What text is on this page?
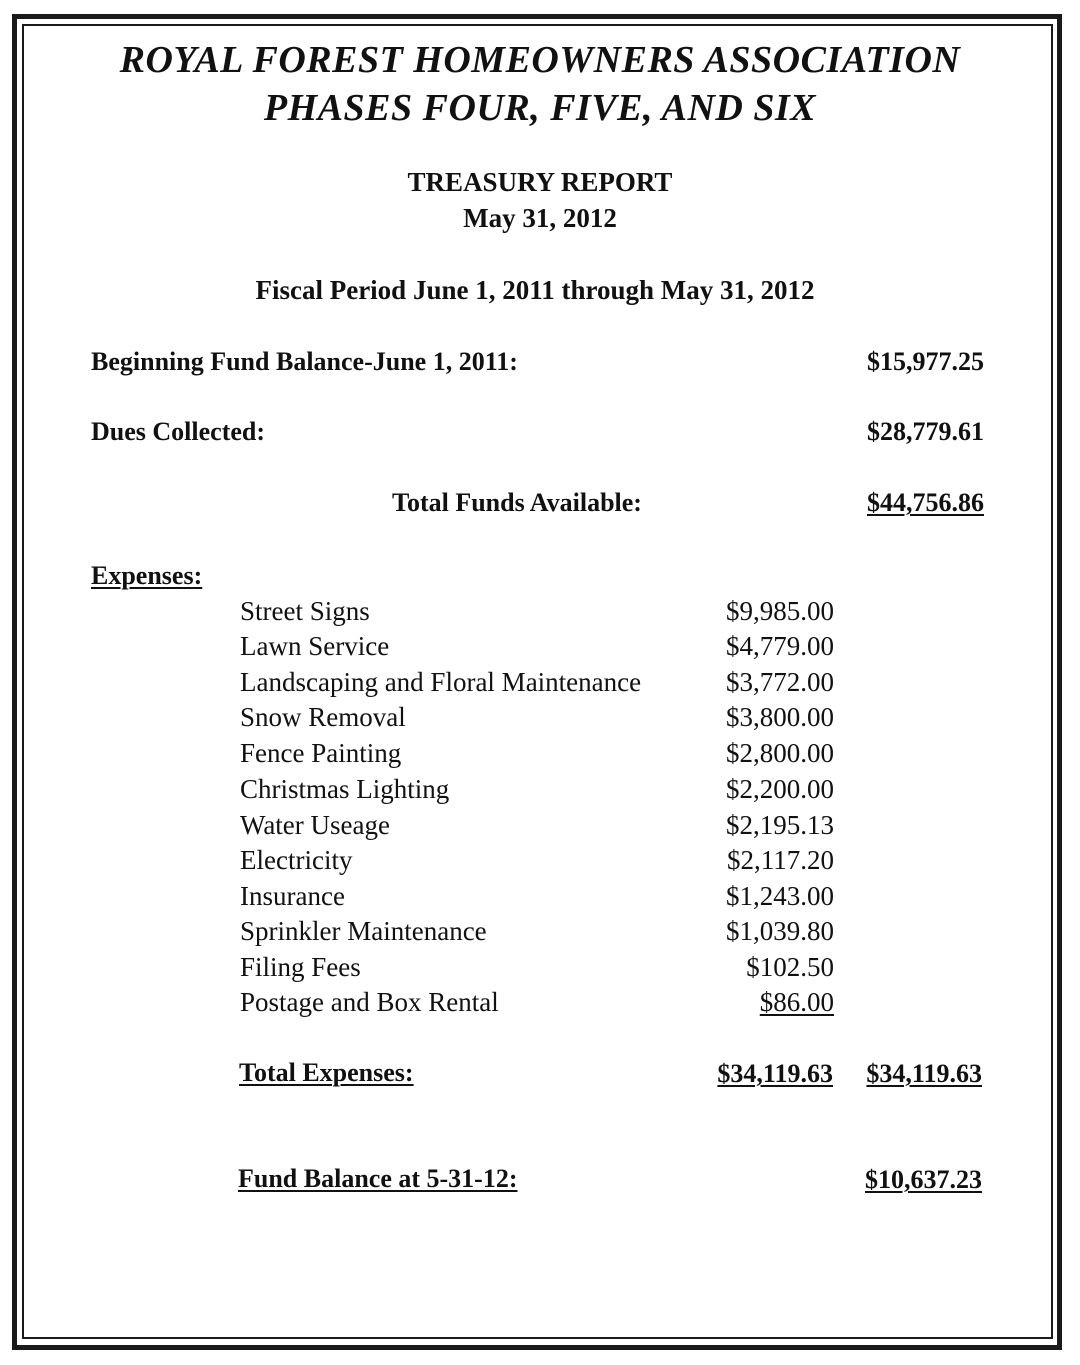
ROYAL FOREST HOMEOWNERS ASSOCIATION
PHASES FOUR, FIVE, AND SIX
TREASURY REPORT
May 31, 2012
Fiscal Period June 1, 2011 through May 31, 2012
Beginning Fund Balance-June 1, 2011:	$15,977.25
Dues Collected:	$28,779.61
Total Funds Available:	$44,756.86
Expenses:
Street Signs	$9,985.00
Lawn Service	$4,779.00
Landscaping and Floral Maintenance	$3,772.00
Snow Removal	$3,800.00
Fence Painting	$2,800.00
Christmas Lighting	$2,200.00
Water Useage	$2,195.13
Electricity	$2,117.20
Insurance	$1,243.00
Sprinkler Maintenance	$1,039.80
Filing Fees	$102.50
Postage and Box Rental	$86.00
Total Expenses:	$34,119.63	$34,119.63
Fund Balance at 5-31-12:	$10,637.23
